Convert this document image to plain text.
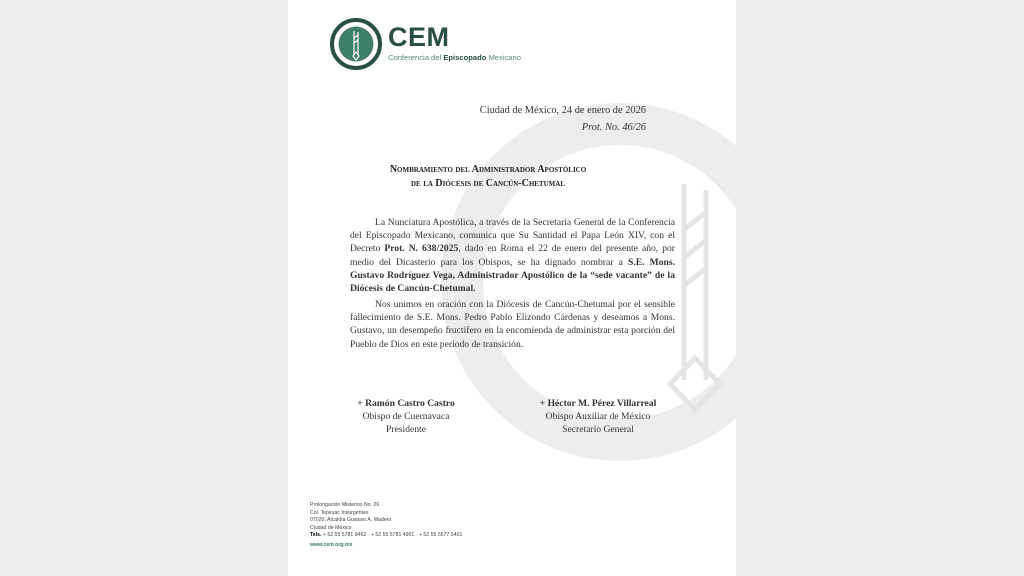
CEM
Conferencia del Episcopado Mexicano
Ciudad de México, 24 de enero de 2026
Prot. No. 46/26
Nombramiento del Administrador Apostólico
de la Diócesis de Cancún-Chetumal

La Nunciatura Apostólica, a través de la Secretaría General de la Conferencia del Episcopado Mexicano, comunica que Su Santidad el Papa León XIV, con el Decreto Prot. N. 638/2025, dado en Roma el 22 de enero del presente año, por medio del Dicasterio para los Obispos, se ha dignado nombrar a S.E. Mons. Gustavo Rodríguez Vega, Administrador Apostólico de la “sede vacante” de la Diócesis de Cancún-Chetumal.

Nos unimos en oración con la Diócesis de Cancún-Chetumal por el sensible fallecimiento de S.E. Mons. Pedro Pablo Elizondo Cárdenas y deseamos a Mons. Gustavo, un desempeño fructífero en la encomienda de administrar esta porción del Pueblo de Dios en este período de transición.

+ Ramón Castro Castro
Obispo de Cuernavaca
Presidente
+ Héctor M. Pérez Villarreal
Obispo Auxiliar de México
Secretario General
Prolongación Misterios No. 26
Col. Tepeyac Insurgentes
07020, Alcaldía Gustavo A. Madero
Ciudad de México
Tels. + 52 55 5781 8462 · + 52 55 5781 4901 · + 52 55 5577 5401
www.cem.org.mx
